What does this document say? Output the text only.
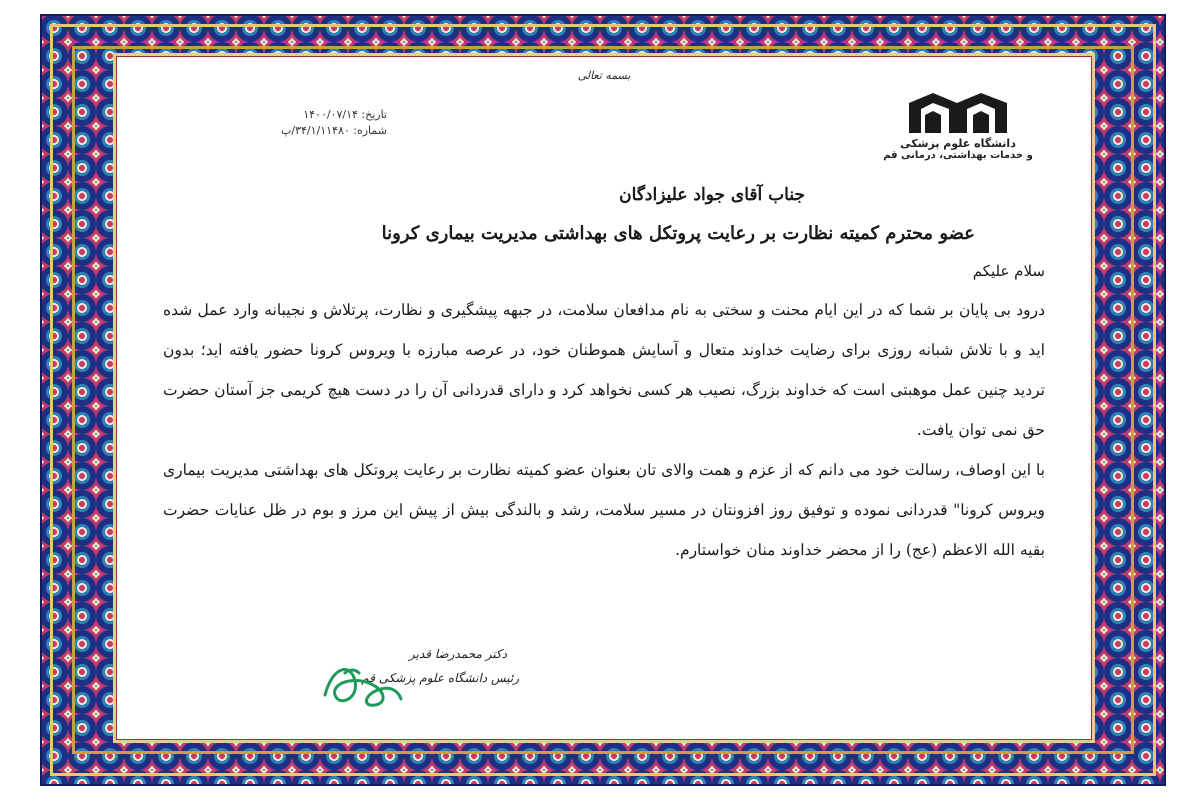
بسمه تعالی
دانشگاه علوم پزشکی
و خدمات بهداشتی، درمانی قم
تاریخ: ۱۴۰۰/۰۷/۱۴
شماره: ۳۴/۱/۱۱۴۸۰/پ

جناب آقای جواد علیزادگان

عضو محترم کمیته نظارت بر رعایت پروتکل های بهداشتی مدیریت بیماری کرونا

سلام علیکم

درود بی پایان بر شما که در این ایام محنت و سختی به نام مدافعان سلامت، در جبهه پیشگیری و نظارت، پرتلاش و نجیبانه وارد عمل شده اید و با تلاش شبانه روزی برای رضایت خداوند متعال و آسایش هموطنان خود، در عرصه مبارزه با ویروس کرونا حضور یافته اید؛ بدون تردید چنین عمل موهبتی است که خداوند بزرگ، نصیب هر کسی نخواهد کرد و دارای قدردانی آن را در دست هیچ کریمی جز آستان حضرت حق نمی توان یافت.

با این اوصاف، رسالت خود می دانم که از عزم و همت والای تان بعنوان عضو کمیته نظارت بر رعایت پروتکل های بهداشتی مدیریت بیماری ویروس کرونا" قدردانی نموده و توفیق روز افزونتان در مسیر سلامت، رشد و بالندگی بیش از پیش این مرز و بوم در ظل عنایات حضرت بقیه الله الاعظم (عج) را از محضر خداوند منان خواستارم.

دکتر محمدرضا قدیر
رئیس دانشگاه علوم پزشکی قم
